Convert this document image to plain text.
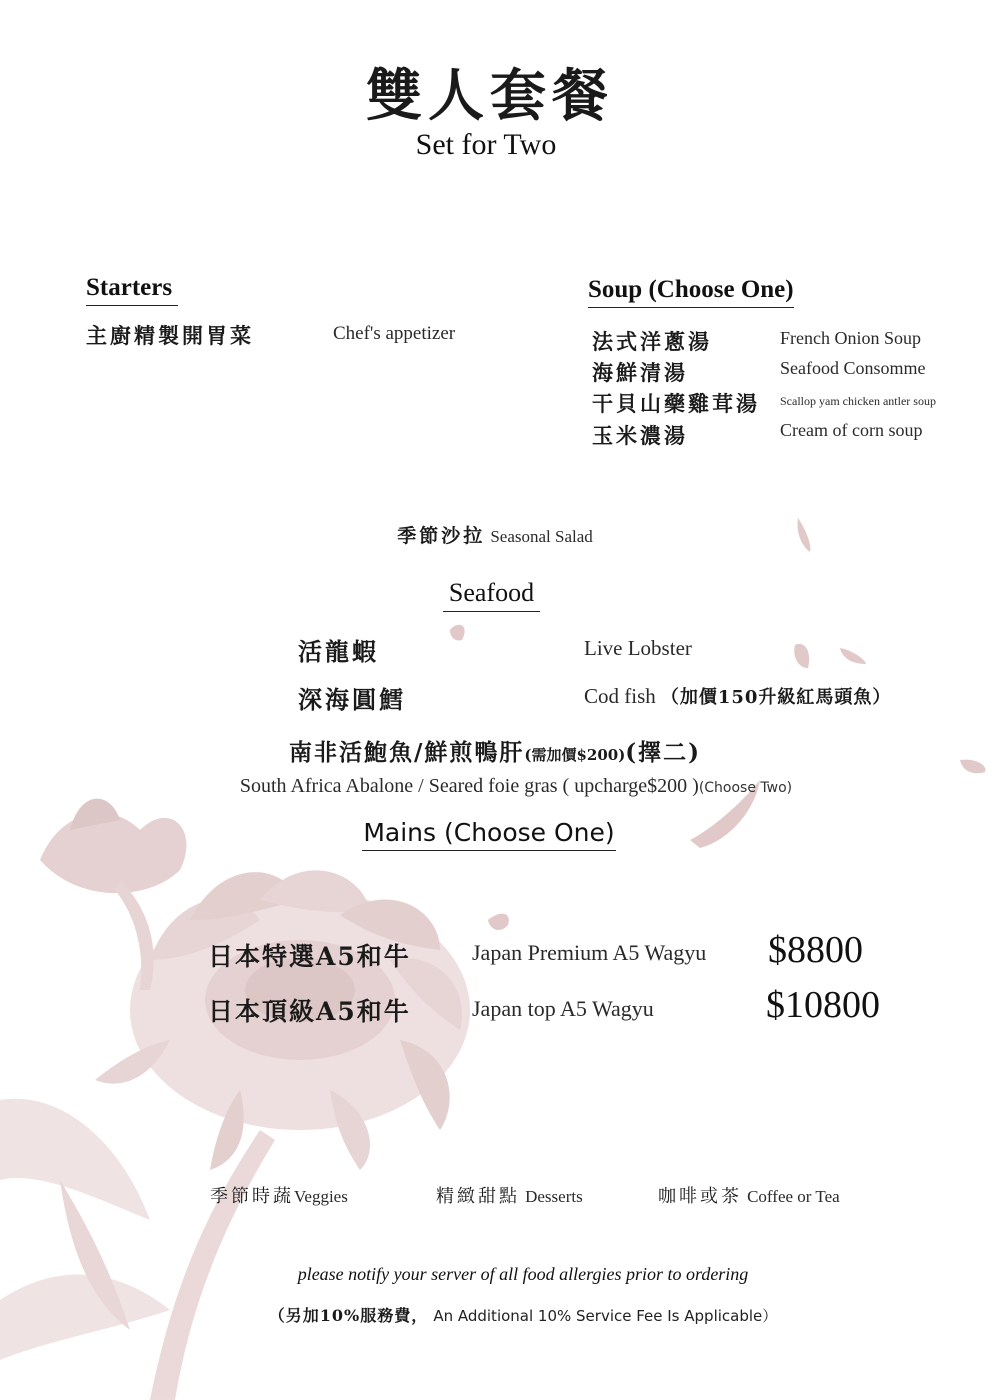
雙人套餐
Set for Two
Starters
主廚精製開胃菜	Chef's appetizer
Soup (Choose One)
法式洋蔥湯	French Onion Soup
海鮮清湯	Seafood Consomme
干貝山藥雞茸湯 Scallop yam chicken antler soup
玉米濃湯	Cream of corn soup
季節沙拉 Seasonal Salad
Seafood
活龍蝦	Live Lobster
深海圓鱈	Cod fish （加價150升級紅馬頭魚）
南非活鮑魚/鮮煎鴨肝(需加價$200)(擇二)
South Africa Abalone / Seared foie gras ( upcharge$200 )(Choose Two)
Mains (Choose One)
日本特選A5和牛	Japan Premium A5 Wagyu $8800
日本頂級A5和牛	Japan top A5 Wagyu	$10800
季節時蔬Veggies	精緻甜點 Desserts	咖啡或茶 Coffee or Tea
please notify your server of all food allergies prior to ordering
（另加10%服務費， An Additional 10% Service Fee Is Applicable）
